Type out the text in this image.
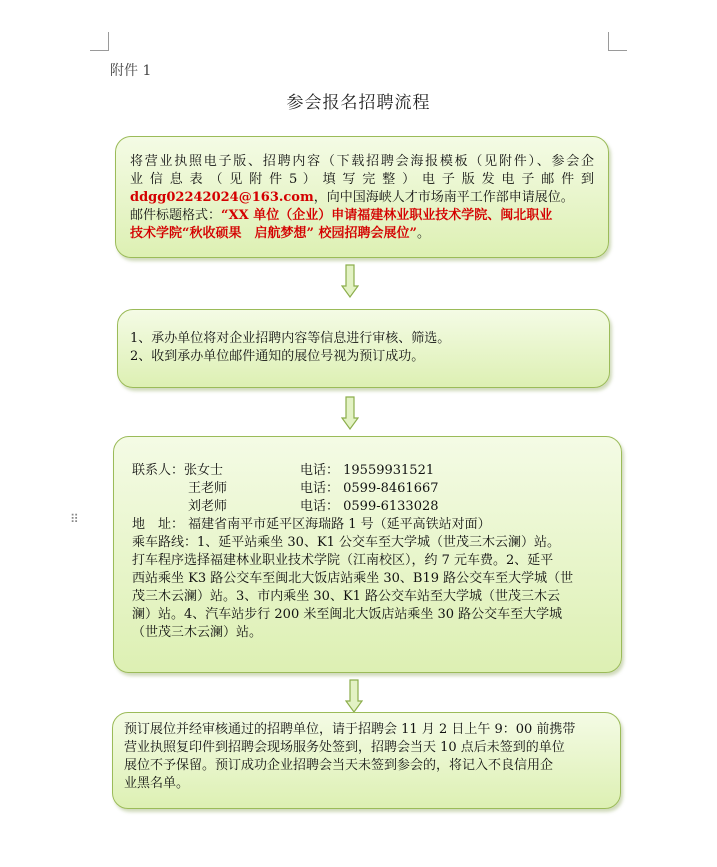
附件 1
参会报名招聘流程
将营业执照电子版、招聘内容（下载招聘会海报模板（见附件）、参会企
业 信 息 表 （ 见 附 件 5 ） 填 写 完 整 ） 电 子 版 发 电 子 邮 件 到
ddgg02242024@163.com，向中国海峡人才市场南平工作部申请展位。
邮件标题格式：“XX 单位（企业）申请福建林业职业技术学院、闽北职业
技术学院“秋收硕果　启航梦想” 校园招聘会展位”。
1、承办单位将对企业招聘内容等信息进行审核、筛选。
2、收到承办单位邮件通知的展位号视为预订成功。
⠿
联系人：张女士	电话： 19559931521
王老师	电话： 0599-8461667
刘老师	电话： 0599-6133028
地　址： 福建省南平市延平区海瑞路 1 号（延平高铁站对面）
乘车路线：1、延平站乘坐 30、K1 公交车至大学城（世茂三木云澜）站。
打车程序选择福建林业职业技术学院（江南校区），约 7 元车费。2、延平
西站乘坐 K3 路公交车至闽北大饭店站乘坐 30、B19 路公交车至大学城（世
茂三木云澜）站。3、市内乘坐 30、K1 路公交车站至大学城（世茂三木云
澜）站。4、汽车站步行 200 米至闽北大饭店站乘坐 30 路公交车至大学城
（世茂三木云澜）站。
预订展位并经审核通过的招聘单位，请于招聘会 11 月 2 日上午 9：00 前携带
营业执照复印件到招聘会现场服务处签到，招聘会当天 10 点后未签到的单位
展位不予保留。预订成功企业招聘会当天未签到参会的，将记入不良信用企
业黑名单。
